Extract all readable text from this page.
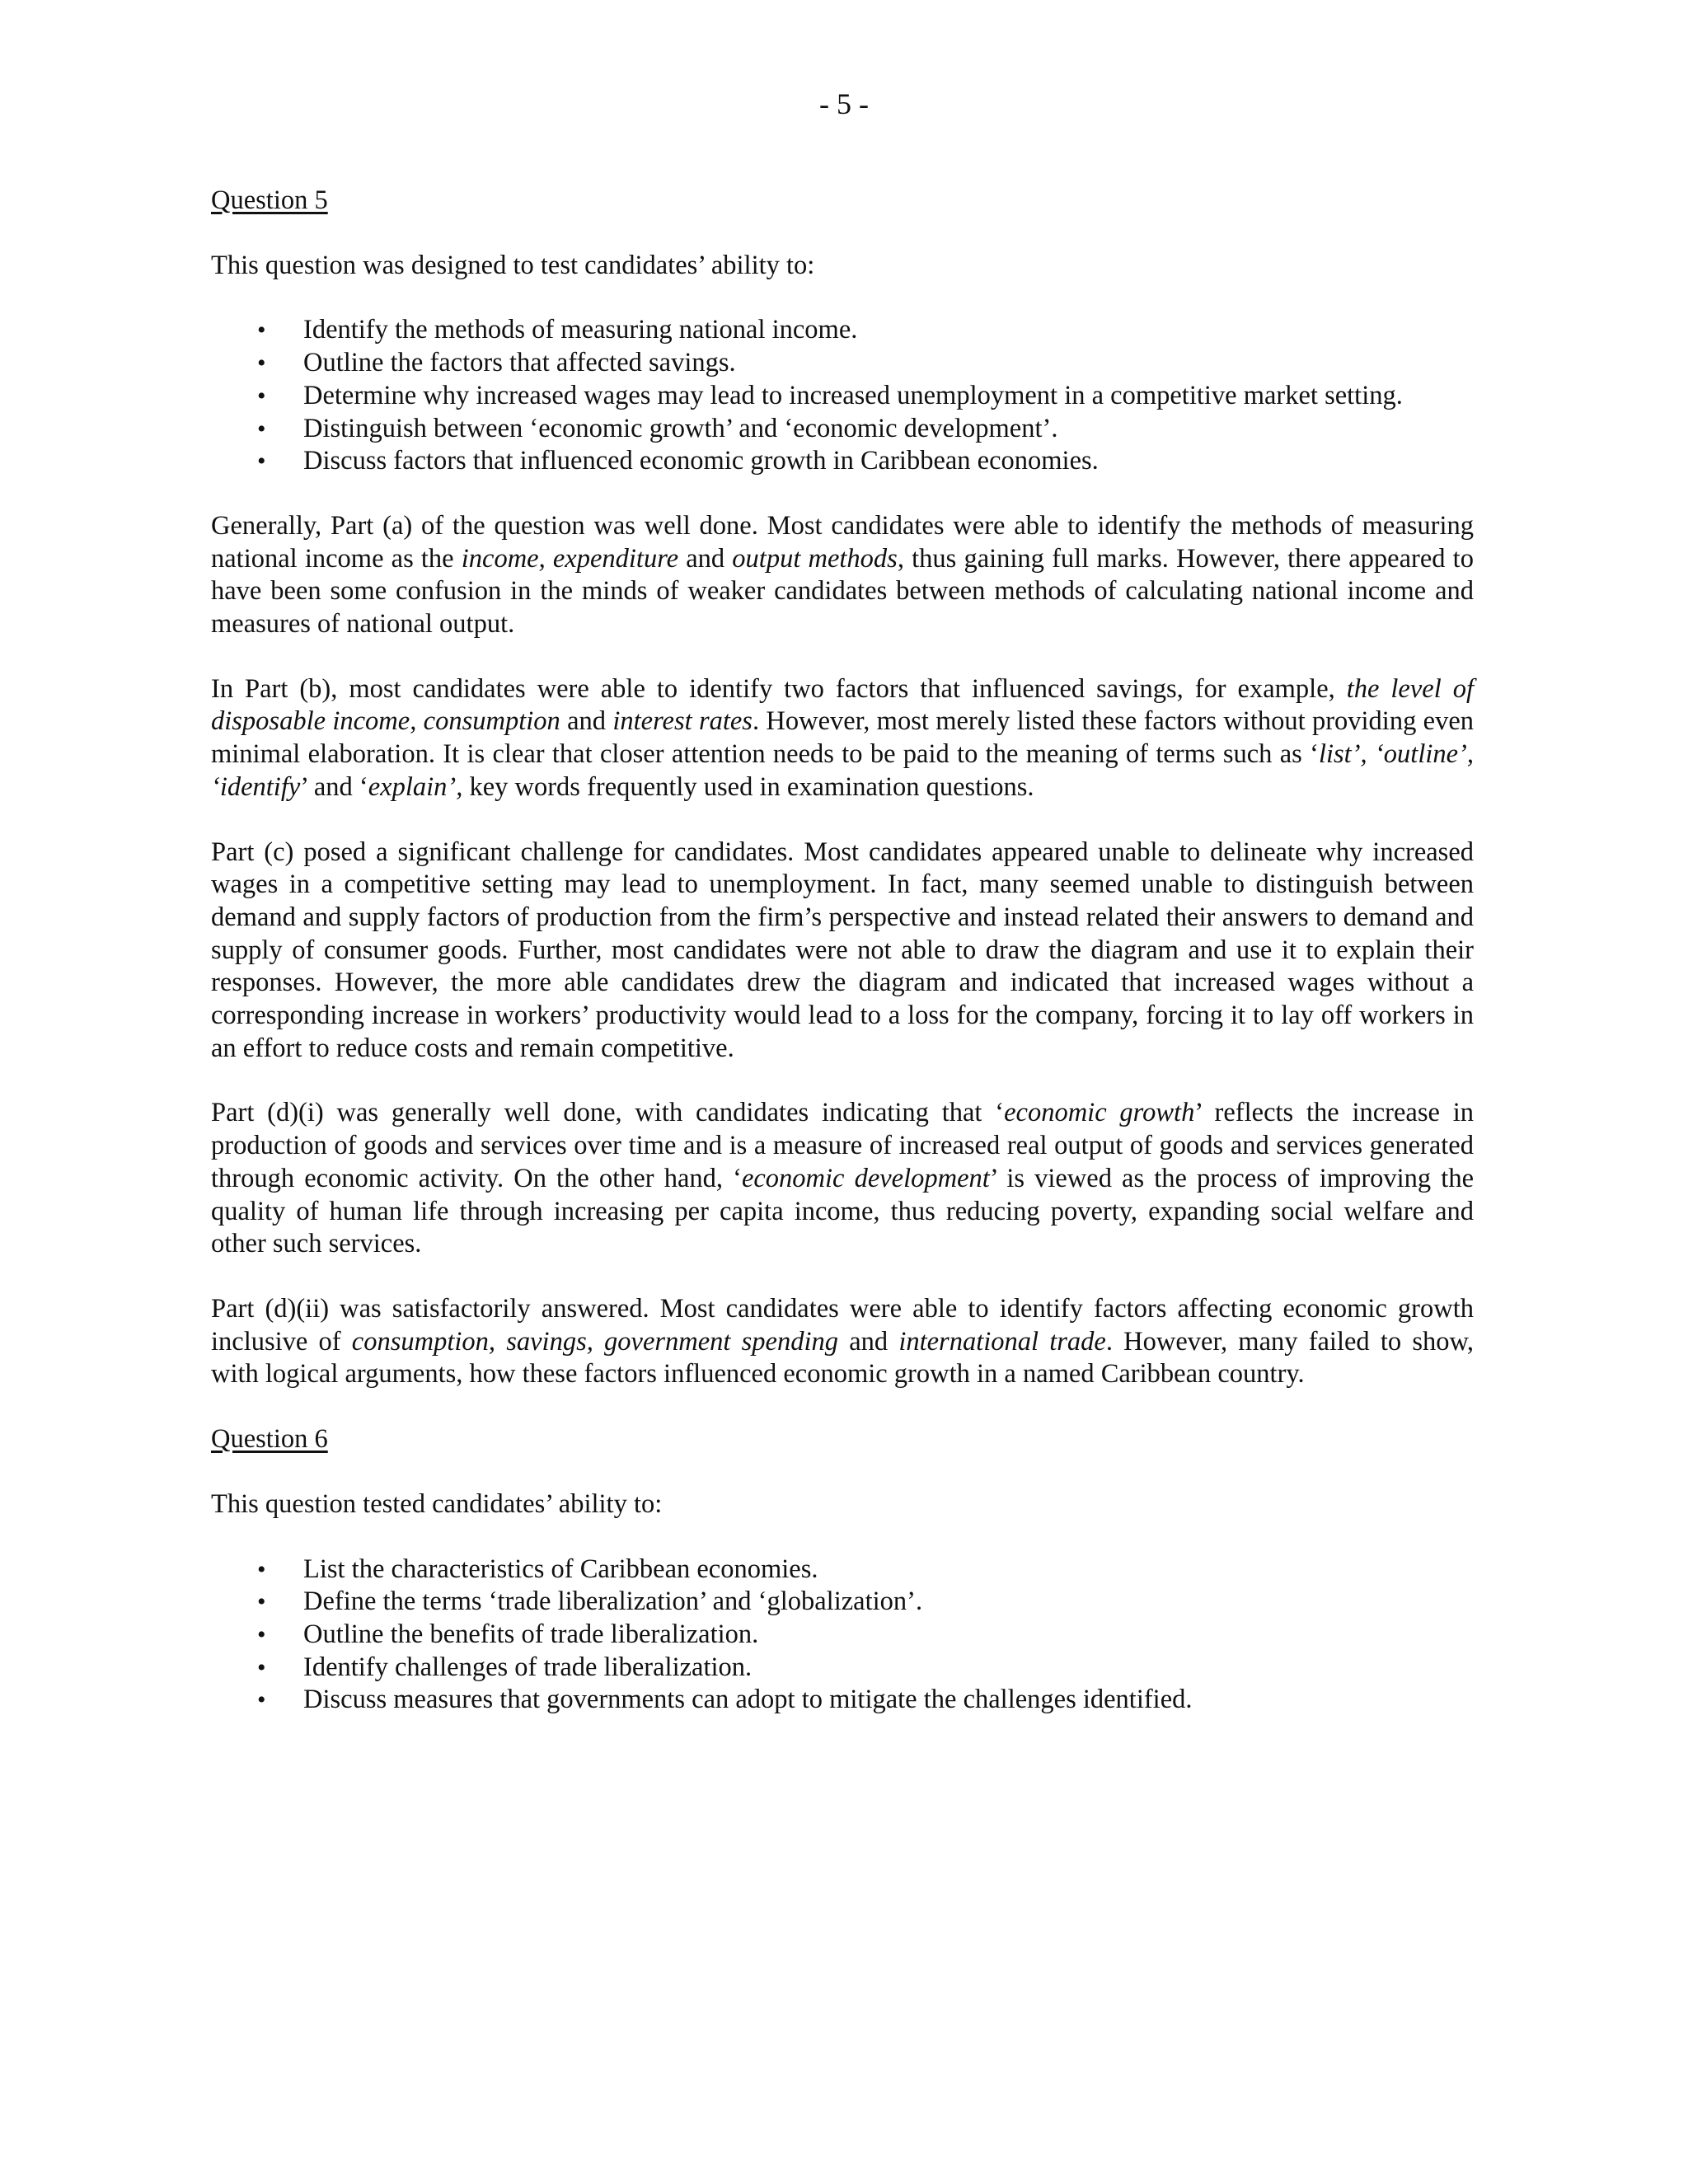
- 5 -
Question 5

This question was designed to test candidates’ ability to:

• Identify the methods of measuring national income.
• Outline the factors that affected savings.
• Determine why increased wages may lead to increased unemployment in a competitive market setting.
• Distinguish between ‘economic growth’ and ‘economic development’.
• Discuss factors that influenced economic growth in Caribbean economies.

Generally, Part (a) of the question was well done. Most candidates were able to identify the methods of measuring national income as the income, expenditure and output methods, thus gaining full marks. However, there appeared to have been some confusion in the minds of weaker candidates between methods of calculating national income and measures of national output.

In Part (b), most candidates were able to identify two factors that influenced savings, for example, the level of disposable income, consumption and interest rates. However, most merely listed these factors without providing even minimal elaboration. It is clear that closer attention needs to be paid to the meaning of terms such as ‘list’, ‘outline’, ‘identify’ and ‘explain’, key words frequently used in examination questions.

Part (c) posed a significant challenge for candidates. Most candidates appeared unable to delineate why increased wages in a competitive setting may lead to unemployment. In fact, many seemed unable to distinguish between demand and supply factors of production from the firm’s perspective and instead related their answers to demand and supply of consumer goods. Further, most candidates were not able to draw the diagram and use it to explain their responses. However, the more able candidates drew the diagram and indicated that increased wages without a corresponding increase in workers’ productivity would lead to a loss for the company, forcing it to lay off workers in an effort to reduce costs and remain competitive.

Part (d)(i) was generally well done, with candidates indicating that ‘economic growth’ reflects the increase in production of goods and services over time and is a measure of increased real output of goods and services generated through economic activity. On the other hand, ‘economic development’ is viewed as the process of improving the quality of human life through increasing per capita income, thus reducing poverty, expanding social welfare and other such services.

Part (d)(ii) was satisfactorily answered. Most candidates were able to identify factors affecting economic growth inclusive of consumption, savings, government spending and international trade. However, many failed to show, with logical arguments, how these factors influenced economic growth in a named Caribbean country.

Question 6

This question tested candidates’ ability to:

• List the characteristics of Caribbean economies.
• Define the terms ‘trade liberalization’ and ‘globalization’.
• Outline the benefits of trade liberalization.
• Identify challenges of trade liberalization.
• Discuss measures that governments can adopt to mitigate the challenges identified.
